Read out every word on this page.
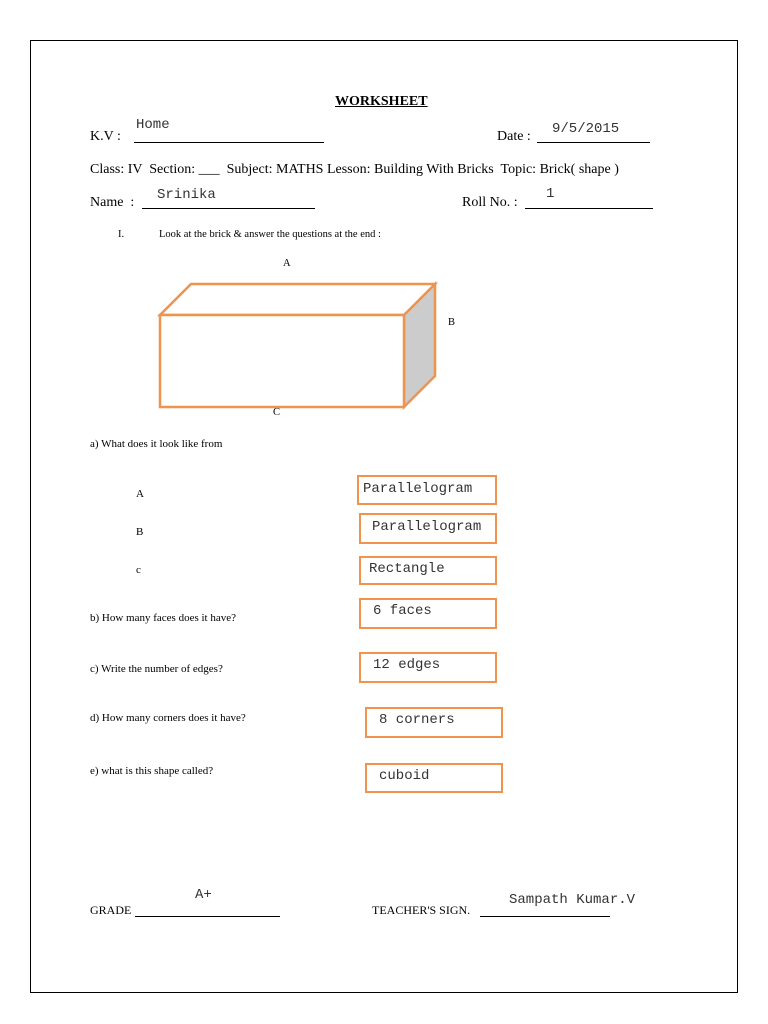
WORKSHEET
K.V :
Home
Date : 9/5/2015
Class: IV  Section: ___  Subject: MATHS Lesson: Building With Bricks  Topic: Brick( shape )
Name  : Srinika	Roll No. :
1
I.	Look at the brick & answer the questions at the end :
A
B
C
a) What does it look like from
A	Parallelogram
B	Parallelogram
c	Rectangle
b) How many faces does it have?	6 faces
c) Write the number of edges?	12 edges
d) How many corners does it have?	8 corners
e) what is this shape called?	cuboid
GRADE
A+
TEACHER'S SIGN.
Sampath Kumar.V
